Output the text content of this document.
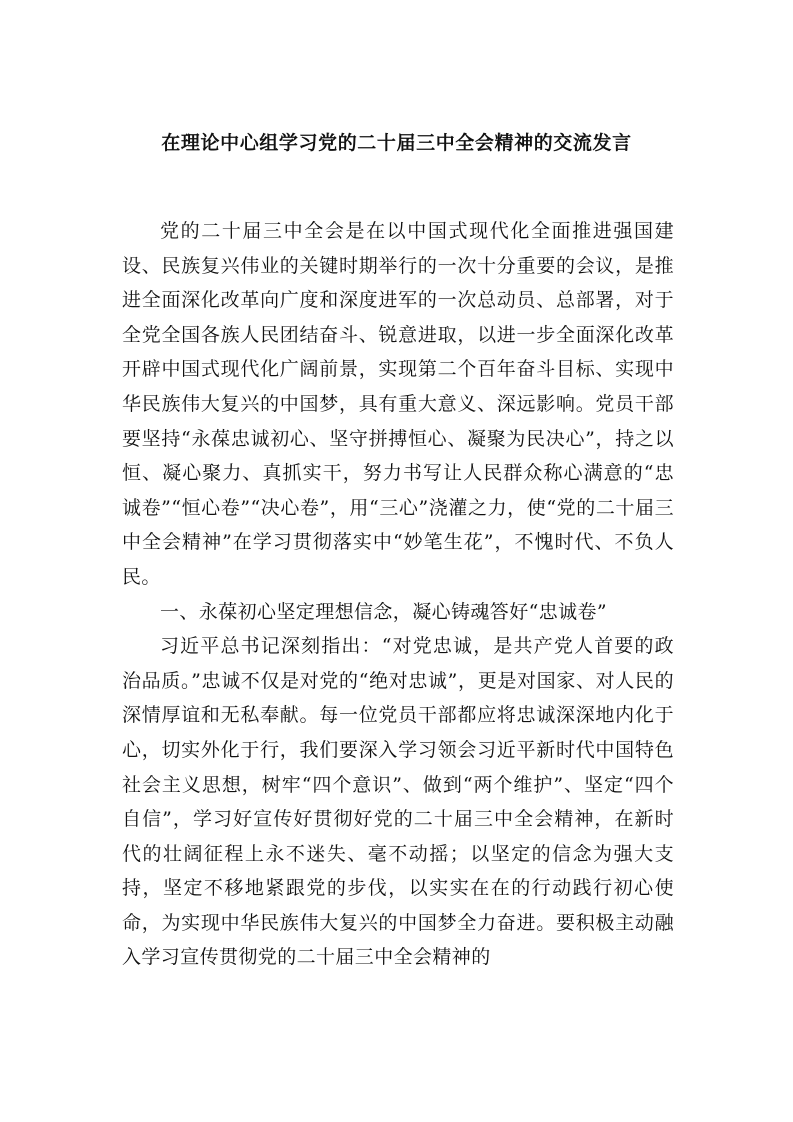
在理论中心组学习党的二十届三中全会精神的交流发言

党的二十届三中全会是在以中国式现代化全面推进强国建设、民族复兴伟业的关键时期举行的一次十分重要的会议，是推进全面深化改革向广度和深度进军的一次总动员、总部署，对于全党全国各族人民团结奋斗、锐意进取，以进一步全面深化改革开辟中国式现代化广阔前景，实现第二个百年奋斗目标、实现中华民族伟大复兴的中国梦，具有重大意义、深远影响。党员干部要坚持“永葆忠诚初心、坚守拼搏恒心、凝聚为民决心”，持之以恒、凝心聚力、真抓实干，努力书写让人民群众称心满意的“忠诚卷”“恒心卷”“决心卷”，用“三心”浇灌之力，使“党的二十届三中全会精神”在学习贯彻落实中“妙笔生花”，不愧时代、不负人民。

一、永葆初心坚定理想信念，凝心铸魂答好“忠诚卷”

习近平总书记深刻指出：“对党忠诚，是共产党人首要的政治品质。”忠诚不仅是对党的“绝对忠诚”，更是对国家、对人民的深情厚谊和无私奉献。每一位党员干部都应将忠诚深深地内化于心，切实外化于行，我们要深入学习领会习近平新时代中国特色社会主义思想，树牢“四个意识”、做到“两个维护”、坚定“四个自信”，学习好宣传好贯彻好党的二十届三中全会精神，在新时代的壮阔征程上永不迷失、毫不动摇；以坚定的信念为强大支持，坚定不移地紧跟党的步伐，以实实在在的行动践行初心使命，为实现中华民族伟大复兴的中国梦全力奋进。要积极主动融入学习宣传贯彻党的二十届三中全会精神的
